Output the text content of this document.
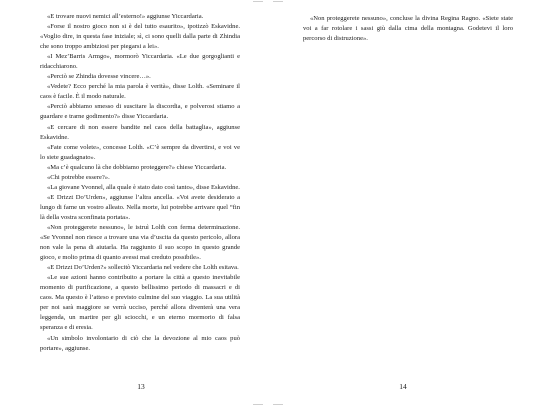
«E trovare nuovi nemici all’esterno!» aggiunse Yiccardaria.

«Forse il nostro gioco non si è del tutto esaurito», ipotizzò Eskavidne. «Voglio dire, in questa fase iniziale; sì, ci sono quelli dalla parte di Zhindia che sono troppo ambiziosi per piegarsi a lei».

«I Mez’Barris Armgo», mormorò Yiccardaria. «Le due gorgoglianti e ridacchiarono.

«Perciò se Zhindia dovesse vincere…».

«Vedete? Ecco perché la mia parola è verità», disse Lolth. «Seminare il caos è facile. È il modo naturale.

«Perciò abbiamo smesso di suscitare la discordia, e polverosi stiamo a guardare e trarne godimento?» disse Yiccardaria.

«E cercare di non essere bandite nel caos della battaglia», aggiunse Eskavidne.

«Fate come volete», concesse Lolth. «C’è sempre da divertirsi, e voi ve lo siete guadagnato».

«Ma c’è qualcuno là che dobbiamo proteggere?» chiese Yiccardaria.

«Chi potrebbe essere?».

«La giovane Yvonnel, alla quale è stato dato così tanto», disse Eskavidne.

«E Drizzt Do’Urden», aggiunse l’altra ancella. «Voi avete desiderato a lungo di farne un vostro alleato. Nella morte, lui potrebbe arrivare quel “fin là della vostra sconfinata portata».

«Non proteggerete nessuno», le istruì Lolth con ferma determinazione. «Se Yvonnel non riesce a trovare una via d’uscita da questo pericolo, allora non vale la pena di aiutarla. Ha raggiunto il suo scopo in questo grande gioco, e molto prima di quanto avessi mai creduto possibile».

«E Drizzt Do’Urden?» sollecitò Yiccardaria nel vedere che Lolth esitava.

«Le sue azioni hanno contribuito a portare la città a questo inevitabile momento di purificazione, a questo bellissimo periodo di massacri e di caos. Ma questo è l’atteso e previsto culmine del suo viaggio. La sua utilità per noi sarà maggiore se verrà ucciso, perché allora diventerà una vera leggenda, un martire per gli sciocchi, e un eterno mormorio di falsa speranza e di eresia.

«Un simbolo involontario di ciò che la devozione al mio caos può portare», aggiunse.

13

«Non proteggerete nessuno», concluse la divina Regina Ragno. «Siete state voi a far rotolare i sassi giù dalla cima della montagna. Godetevi il loro percorso di distruzione».

14
